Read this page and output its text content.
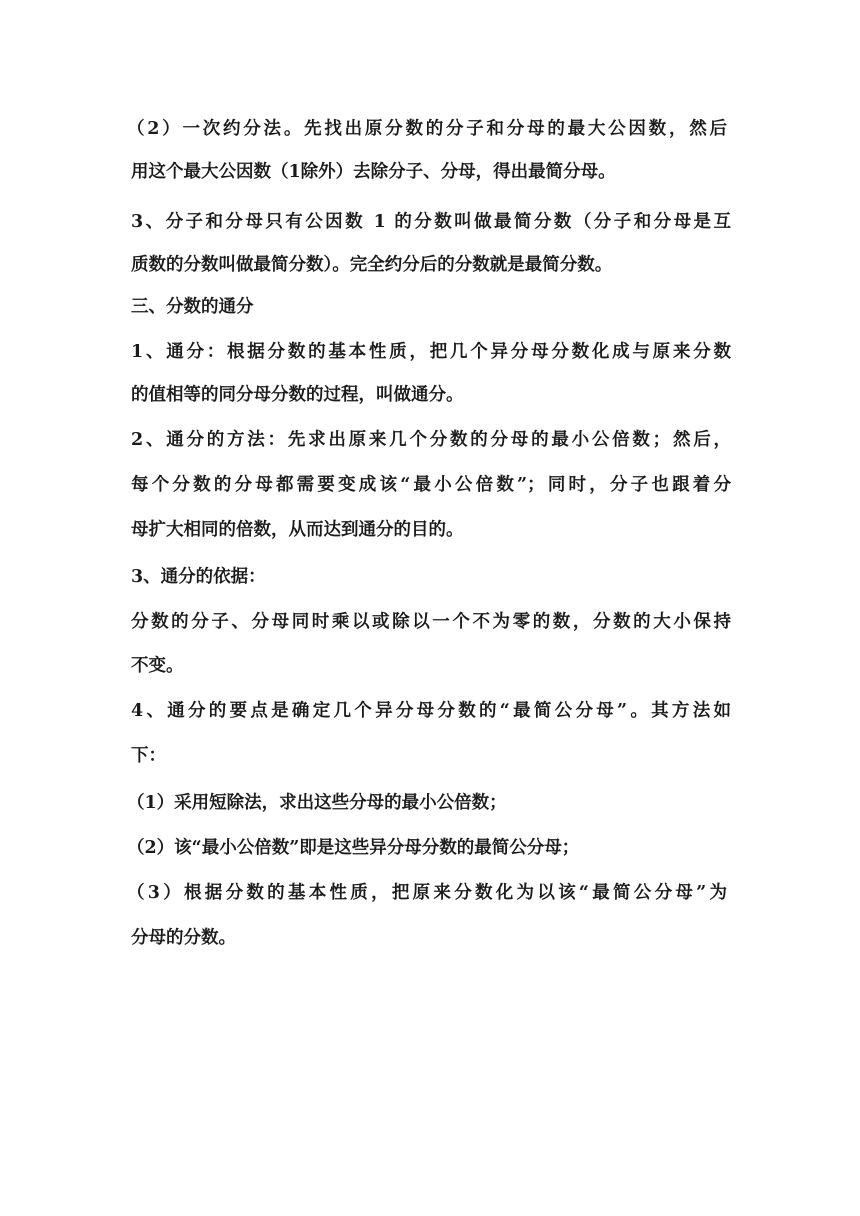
（2）一次约分法。先找出原分数的分子和分母的最大公因数，然后
用这个最大公因数（1除外）去除分子、分母，得出最简分母。
3、分子和分母只有公因数 1 的分数叫做最简分数（分子和分母是互
质数的分数叫做最简分数）。完全约分后的分数就是最简分数。
三、分数的通分
1、通分：根据分数的基本性质，把几个异分母分数化成与原来分数
的值相等的同分母分数的过程，叫做通分。
2、通分的方法：先求出原来几个分数的分母的最小公倍数；然后，
每个分数的分母都需要变成该“最小公倍数”；同时，分子也跟着分
母扩大相同的倍数，从而达到通分的目的。
3、通分的依据：
分数的分子、分母同时乘以或除以一个不为零的数，分数的大小保持
不变。
4、通分的要点是确定几个异分母分数的“最简公分母”。其方法如
下：
（1）采用短除法，求出这些分母的最小公倍数；
（2）该“最小公倍数”即是这些异分母分数的最简公分母；
（3）根据分数的基本性质，把原来分数化为以该“最简公分母”为
分母的分数。
